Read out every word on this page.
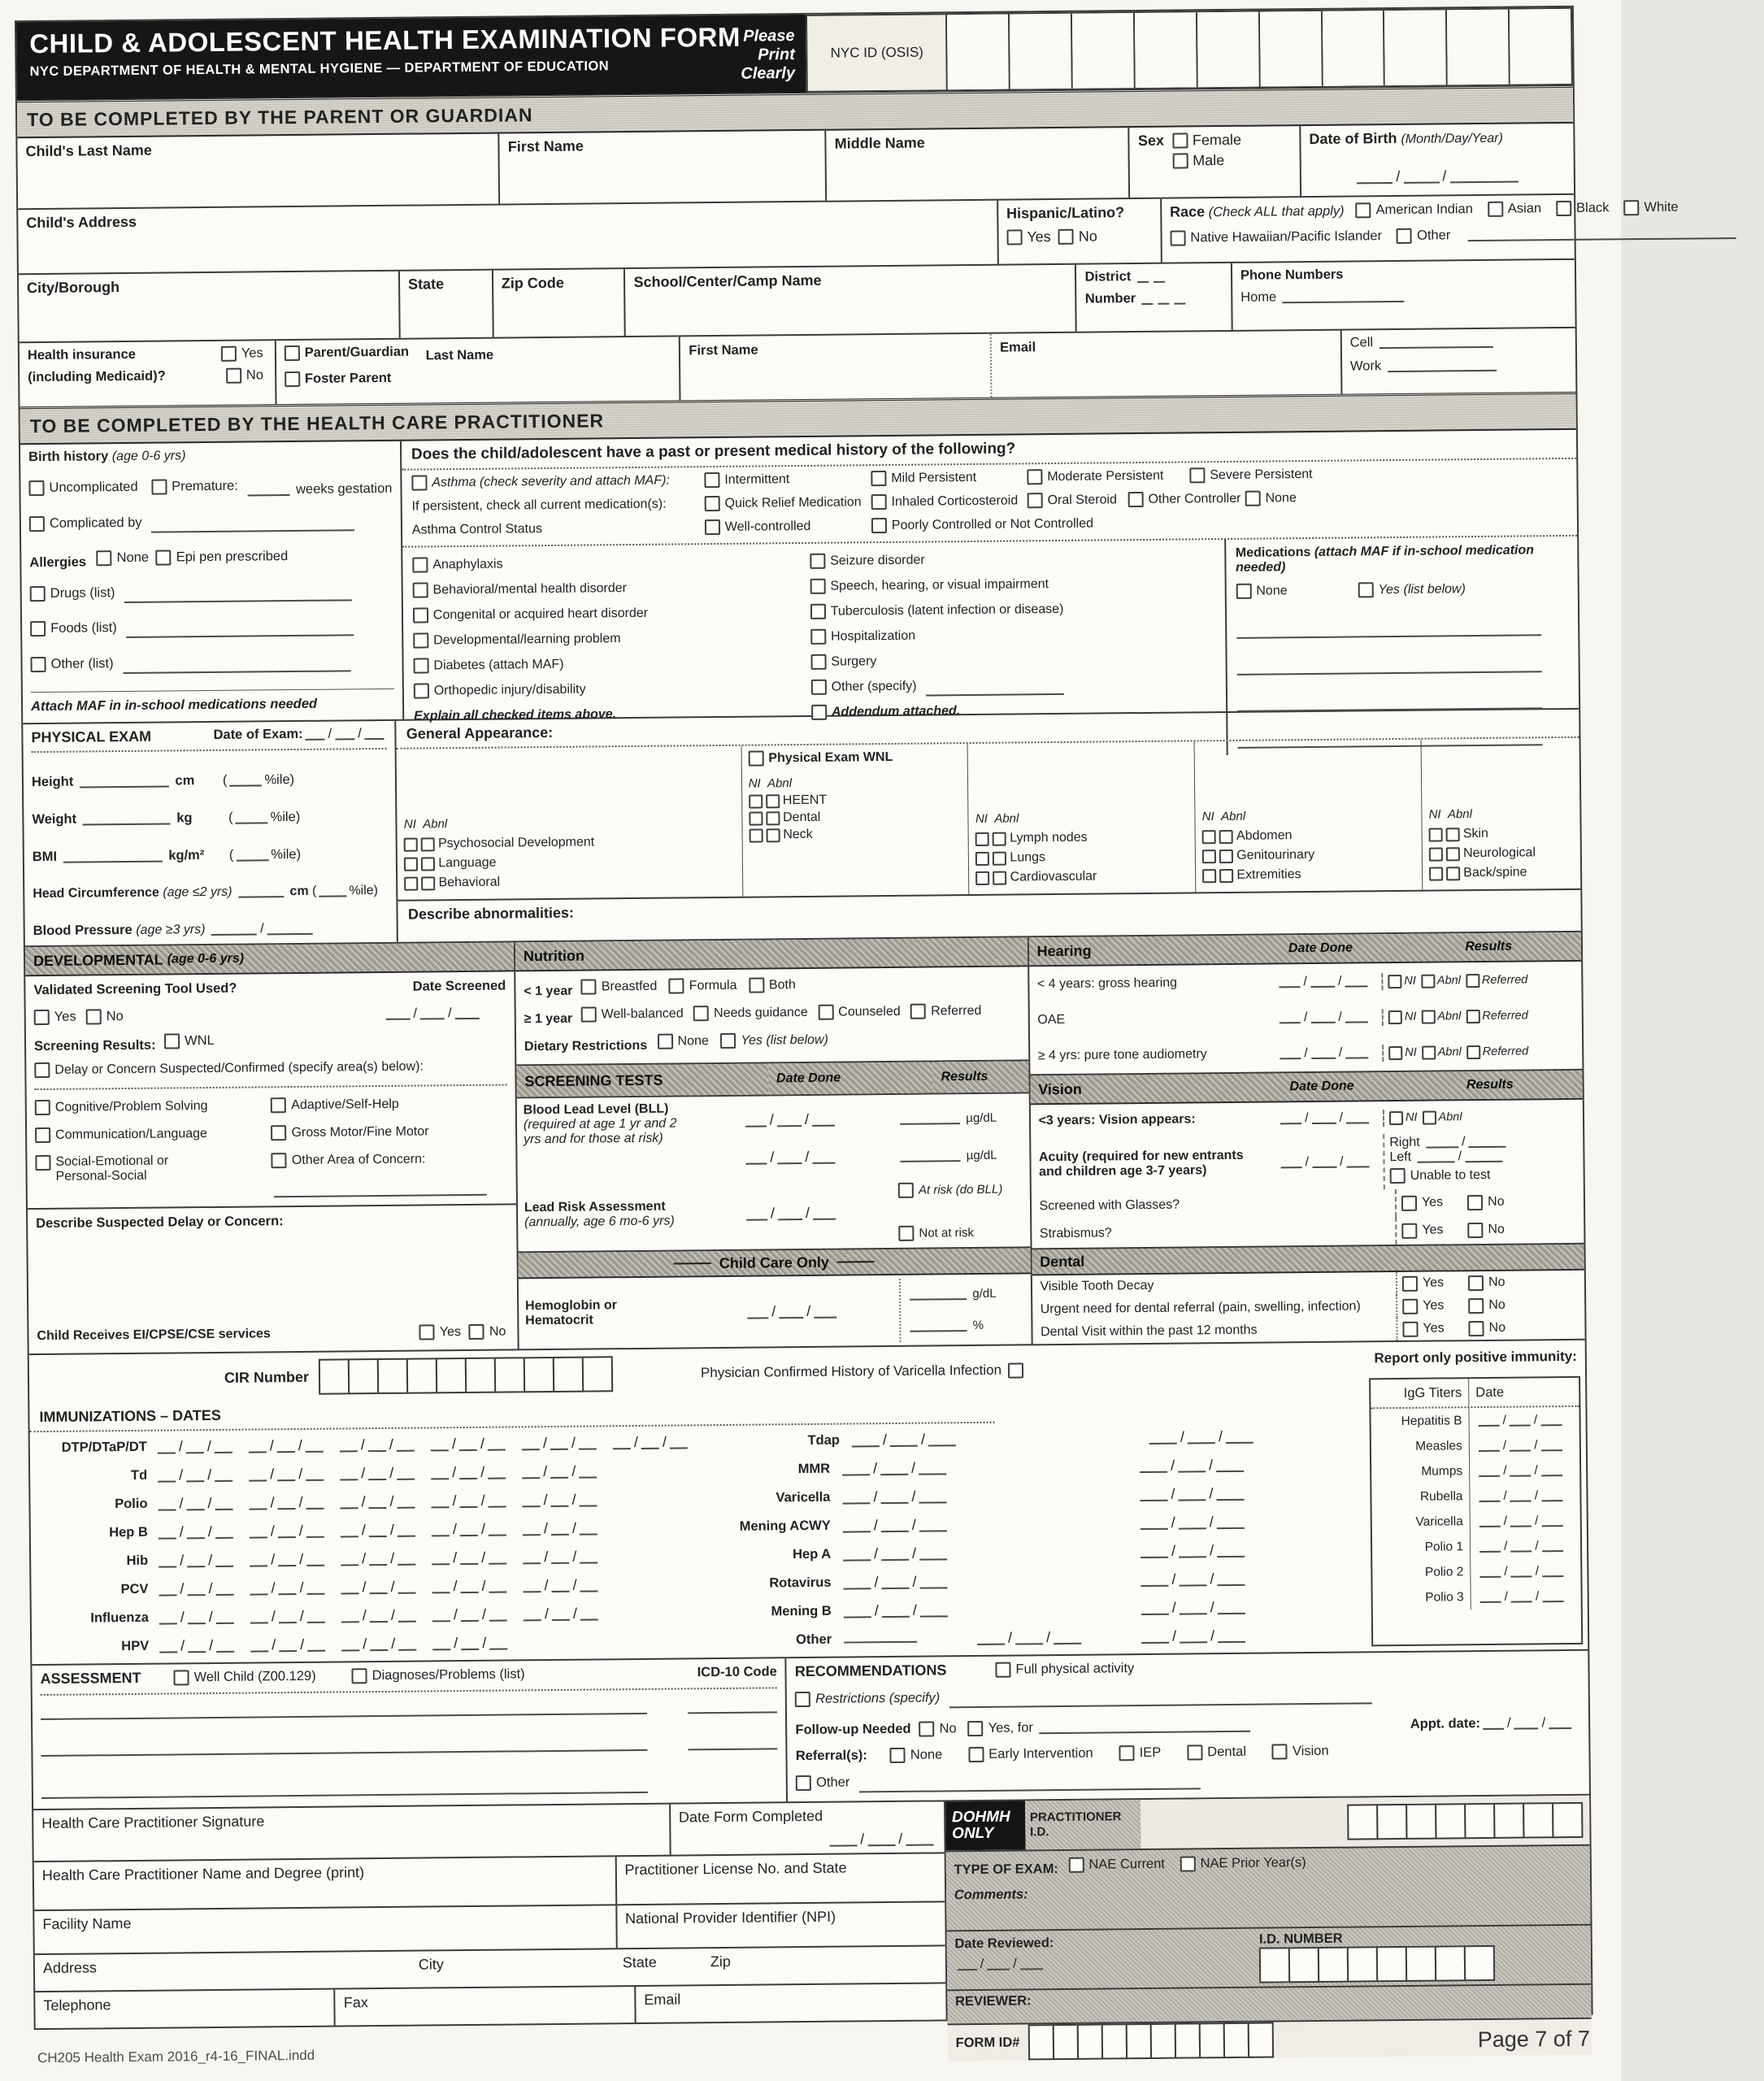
CHILD & ADOLESCENT HEALTH EXAMINATION FORM
NYC DEPARTMENT OF HEALTH & MENTAL HYGIENE — DEPARTMENT OF EDUCATION
Please
Print Clearly
NYC ID (OSIS)
TO BE COMPLETED BY THE PARENT OR GUARDIAN
Child's Last Name	First Name	Middle Name	Sex Female

Male
Date of Birth (Month/Day/Year)
/	/
Child's Address
Hispanic/Latino?
Yes
No
Race (Check ALL that apply) American Indian	Asian	Black	White
Native Hawaiian/Pacific Islander	Other
City/Borough	State	Zip Code	School/Center/Camp Name	District
Number
Phone Numbers
Home
Health insurance	Yes
(including Medicaid)?	No
Parent/Guardian Last Name
Foster Parent
First Name	Email	Cell
Work
TO BE COMPLETED BY THE HEALTH CARE PRACTITIONER
Birth history (age 0-6 yrs)
Uncomplicated
	Premature:	weeks gestation
Complicated by

Allergies None
Epi pen prescribed
Drugs (list)

Foods (list)

Other (list)

Attach MAF in in-school medications needed
Does the child/adolescent have a past or present medical history of the following?
Asthma (check severity and attach MAF):	Intermittent	Mild Persistent	Moderate Persistent	Severe Persistent
If persistent, check all current medication(s):	Quick Relief Medication Inhaled Corticosteroid Oral Steroid Other Controller None
Asthma Control Status	Well-controlled	Poorly Controlled or Not Controlled
Anaphylaxis
Behavioral/mental health disorder
Congenital or acquired heart disorder
Developmental/learning problem
Diabetes (attach MAF)
Orthopedic injury/disability
Explain all checked items above.
Seizure disorder
Speech, hearing, or visual impairment
Tuberculosis (latent infection or disease)
Hospitalization
Surgery
Other (specify)

Addendum attached.
Medications (attach MAF if in-school medication needed)
None	Yes (list below)
PHYSICAL EXAM	Date of Exam:	/ /
Height	cm (	%ile)
Weight	kg	(	%ile)
BMI	kg/m² (	%ile)
Head Circumference (age ≤2 yrs)	cm ( %ile)
Blood Pressure (age ≥3 yrs)	/
General Appearance:
NI Abnl
Psychosocial Development
Language
Behavioral
Physical Exam WNL
NI Abnl
HEENT
Dental
Neck
NI Abnl
Lymph nodes
Lungs
Cardiovascular
NI Abnl
Abdomen
Genitourinary
Extremities
NI Abnl
Skin
Neurological
Back/spine
Describe abnormalities:
DEVELOPMENTAL
(age 0-6 yrs)
Validated Screening Tool Used?	Date Screened
Yes No	/ /
Screening Results: WNL
Delay or Concern Suspected/Confirmed (specify area(s) below):
Cognitive/Problem Solving
Communication/Language
Social-Emotional or
Personal-Social
Adaptive/Self-Help
Gross Motor/Fine Motor
Other Area of Concern:
Describe Suspected Delay or Concern:
Child Receives EI/CPSE/CSE services	Yes No
Nutrition
< 1 year Breastfed
Formula
Both
≥ 1 year Well-balanced
Needs guidance
Counseled
Referred
Dietary Restrictions None
Yes (list below)
SCREENING TESTS	Date Done	Results
Blood Lead Level (BLL)
(required at age 1 yr and 2
yrs and for those at risk)
/ /
/ /
µg/dL
µg/dL
Lead Risk Assessment
(annually, age 6 mo-6 yrs)
/ /
At risk (do BLL)
Not at risk
Child Care Only
Hemoglobin or
Hematocrit
/ /
g/dL
%
Hearing	Date Done	Results
< 4 years: gross hearing	/ /	NI Abnl Referred
OAE	/ /	NI Abnl Referred
≥ 4 yrs: pure tone audiometry	/ /	NI Abnl Referred
Vision	Date Done	Results
<3 years: Vision appears:	/ /	NI Abnl
Acuity (required for new entrants
and children age 3-7 years)
/ /
Right	/
Left	/
Unable to test
Screened with Glasses?	Yes	No
Strabismus?	Yes	No
Dental
Visible Tooth Decay	Yes	No
Urgent need for dental referral (pain, swelling, infection)	Yes	No
Dental Visit within the past 12 months	Yes	No
CIR Number	Physician Confirmed History of Varicella Infection
Report only positive immunity:
IMMUNIZATIONS – DATES
DTP/DTaP/DT	/ /	/ /	/ /	/ /	/ /	/ /	Tdap	/ /	/ /
Td	/ /	/ /	/ /	/ /	/ /	MMR	/ /	/ /
Polio	/ /	/ /	/ /	/ /	/ /	Varicella	/ /	/ /
Hep B	/ /	/ /	/ /	/ /	/ /	Mening ACWY	/ /	/ /
Hib	/ /	/ /	/ /	/ /	/ /	Hep A	/ /	/ /
PCV	/ /	/ /	/ /	/ /	/ /	Rotavirus	/ /	/ /
Influenza	/ /	/ /	/ /	/ /	/ /	Mening B	/ /	/ /
HPV	/ /	/ /	/ /	/ /	Other	/ /	/ /
IgG Titers	Date
Hepatitis B	/ /
Measles	/ /
Mumps	/ /
Rubella	/ /
Varicella	/ /
Polio 1	/ /
Polio 2	/ /
Polio 3	/ /
ASSESSMENT	Well Child (Z00.129)	Diagnoses/Problems (list)	ICD-10 Code RECOMMENDATIONS	Full physical activity
Restrictions (specify)

Follow-up Needed No Yes, for	Appt. date:	/ /
Referral(s):	None	Early Intervention	IEP	Dental	Vision
Other

Health Care Practitioner Signature	Date Form Completed
/ /
Health Care Practitioner Name and Degree (print)	Practitioner License No. and State
Facility Name	National Provider Identifier (NPI)
Address	City	State	Zip
Telephone	Fax	Email
DOHMH
ONLY
PRACTITIONER
I.D.
TYPE OF EXAM: NAE Current
	NAE Prior Year(s)
Comments:
Date Reviewed:
/ /
I.D. NUMBER
REVIEWER:
FORM ID#
CH205 Health Exam 2016_r4-16_FINAL.indd
Page 7 of 7
